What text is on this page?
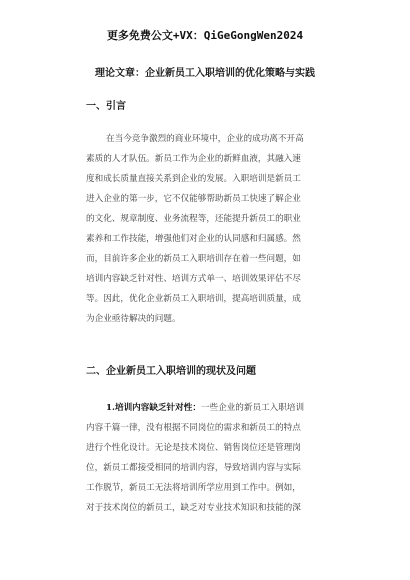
更多免费公文+VX：QiGeGongWen2024
理论文章：企业新员工入职培训的优化策略与实践
一、引言

在当今竞争激烈的商业环境中，企业的成功离不开高
素质的人才队伍。新员工作为企业的新鲜血液，其融入速
度和成长质量直接关系到企业的发展。入职培训是新员工
进入企业的第一步，它不仅能够帮助新员工快速了解企业
的文化、规章制度、业务流程等，还能提升新员工的职业
素养和工作技能，增强他们对企业的认同感和归属感。然
而，目前许多企业的新员工入职培训存在着一些问题，如
培训内容缺乏针对性、培训方式单一、培训效果评估不尽
等。因此，优化企业新员工入职培训，提高培训质量，成
为企业亟待解决的问题。

二、企业新员工入职培训的现状及问题

1.培训内容缺乏针对性：一些企业的新员工入职培训
内容千篇一律，没有根据不同岗位的需求和新员工的特点
进行个性化设计。无论是技术岗位、销售岗位还是管理岗
位，新员工都接受相同的培训内容，导致培训内容与实际
工作脱节，新员工无法将培训所学应用到工作中。例如，
对于技术岗位的新员工，缺乏对专业技术知识和技能的深
